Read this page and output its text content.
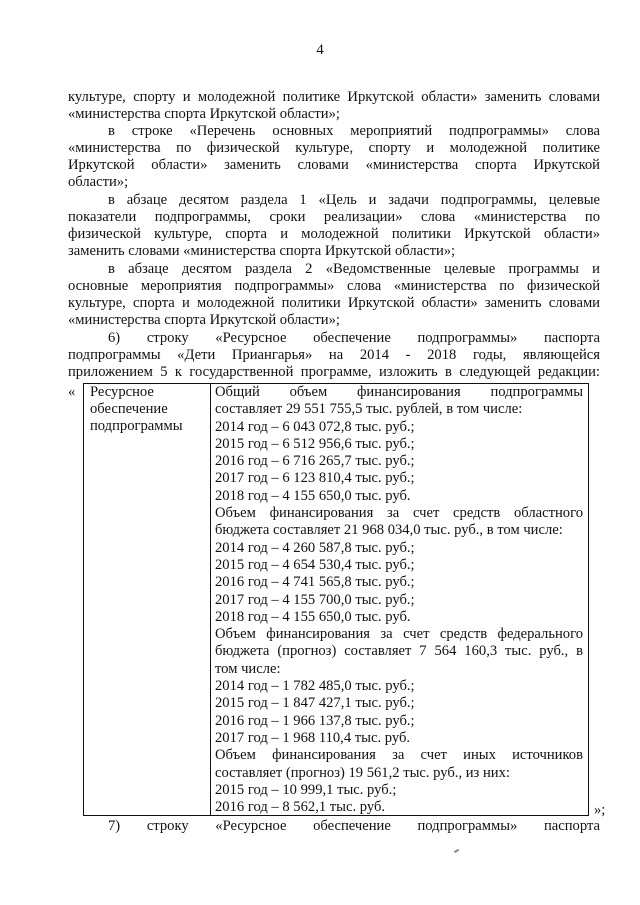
4
культуре, спорту и молодежной политике Иркутской области» заменить словами
«министерства спорта Иркутской области»;
в строке «Перечень основных мероприятий подпрограммы» слова
«министерства по физической культуре, спорту и молодежной политике
Иркутской области» заменить словами «министерства спорта Иркутской
области»;
в абзаце десятом раздела 1 «Цель и задачи подпрограммы, целевые
показатели подпрограммы, сроки реализации» слова «министерства по
физической культуре, спорта и молодежной политики Иркутской области»
заменить словами «министерства спорта Иркутской области»;
в абзаце десятом раздела 2 «Ведомственные целевые программы и
основные мероприятия подпрограммы» слова «министерства по физической
культуре, спорта и молодежной политики Иркутской области» заменить словами
«министерства спорта Иркутской области»;
6) строку «Ресурсное обеспечение подпрограммы» паспорта
подпрограммы «Дети Приангарья» на 2014 - 2018 годы, являющейся
приложением 5 к государственной программе, изложить в следующей редакции:
« Ресурсное
обеспечение
подпрограммы
Общий объем финансирования подпрограммы
составляет 29 551 755,5 тыс. рублей, в том числе:
2014 год – 6 043 072,8 тыс. руб.;
2015 год – 6 512 956,6 тыс. руб.;
2016 год – 6 716 265,7 тыс. руб.;
2017 год – 6 123 810,4 тыс. руб.;
2018 год – 4 155 650,0 тыс. руб.
Объем финансирования за счет средств областного
бюджета составляет 21 968 034,0 тыс. руб., в том числе:
2014 год – 4 260 587,8 тыс. руб.;
2015 год – 4 654 530,4 тыс. руб.;
2016 год – 4 741 565,8 тыс. руб.;
2017 год – 4 155 700,0 тыс. руб.;
2018 год – 4 155 650,0 тыс. руб.
Объем финансирования за счет средств федерального
бюджета (прогноз) составляет 7 564 160,3 тыс. руб., в
том числе:
2014 год – 1 782 485,0 тыс. руб.;
2015 год – 1 847 427,1 тыс. руб.;
2016 год – 1 966 137,8 тыс. руб.;
2017 год – 1 968 110,4 тыс. руб.
Объем финансирования за счет иных источников
составляет (прогноз) 19 561,2 тыс. руб., из них:
2015 год – 10 999,1 тыс. руб.;
2016 год – 8 562,1 тыс. руб.	»;
7) строку «Ресурсное обеспечение подпрограммы» паспорта
